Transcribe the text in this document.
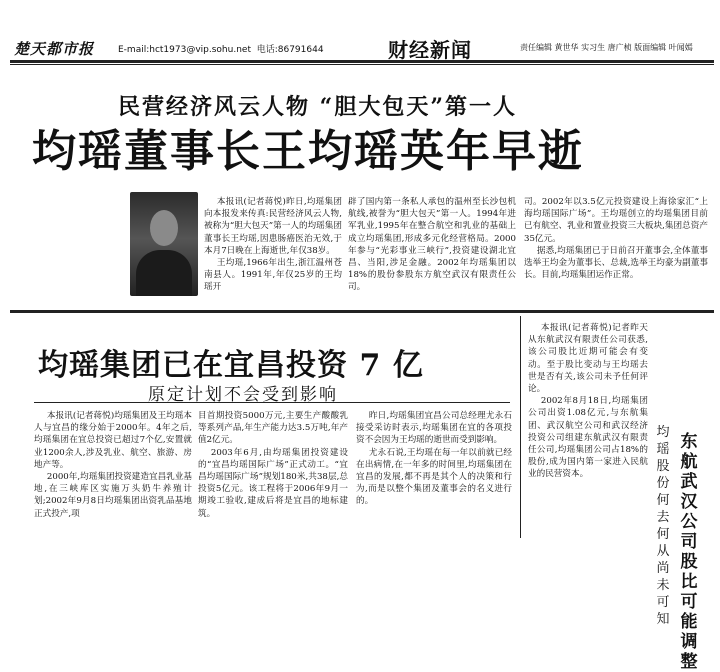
楚天都市报	E-mail:hct1973@vip.sohu.net 电话:86791644	财经新闻	责任编辑 黄世华 实习生 唐广桢 版面编辑 叶闻嫣
民营经济风云人物 “胆大包天”第一人
均瑶董事长王均瑶英年早逝

本报讯(记者蒋悦)昨日,均瑶集团向本报发来传真:民营经济风云人物,被称为“胆大包天”第一人的均瑶集团董事长王均瑶,因患肠癌医治无效,于本月7日晚在上海逝世,年仅38岁。

王均瑶,1966年出生,浙江温州苍南县人。1991年,年仅25岁的王均瑶开

辟了国内第一条私人承包的温州至长沙包机航线,被誉为“胆大包天”第一人。1994年进军乳业,1995年在整合航空和乳业的基础上成立均瑶集团,形成多元化经营格局。2000年参与“光彩事业三峡行”,投资建设湖北宜昌、当阳,涉足金融。2002年均瑶集团以18%的股份参股东方航空武汉有限责任公司。

司。2002年以3.5亿元投资建设上海徐家汇“上海均瑶国际广场”。王均瑶创立的均瑶集团目前已有航空、乳业和置业投资三大板块,集团总资产35亿元。

据悉,均瑶集团已于日前召开董事会,全体董事选举王均金为董事长、总裁,选举王均豪为副董事长。目前,均瑶集团运作正常。

均瑶集团已在宜昌投资 7 亿
原定计划不会受到影响

本报讯(记者蒋悦)均瑶集团及王均瑶本人与宜昌的缘分始于2000年。4年之后,均瑶集团在宜总投资已超过7个亿,安置就业1200余人,涉及乳业、航空、旅游、房地产等。

2000年,均瑶集团投资建造宜昌乳业基地,在三峡库区实施万头奶牛养殖计划;2002年9月8日均瑶集团出资乳品基地正式投产,项

目首期投资5000万元,主要生产酸酸乳等系列产品,年生产能力达3.5万吨,年产值2亿元。

2003年6月,由均瑶集团投资建设的“宜昌均瑶国际广场”正式动工。“宜昌均瑶国际广场”规划180米,共38层,总投资5亿元。该工程将于2006年9月一期竣工验收,建成后将是宜昌的地标建筑。

昨日,均瑶集团宜昌公司总经理尤永石接受采访时表示,均瑶集团在宜的各项投资不会因为王均瑶的逝世而受到影响。

尤永石说,王均瑶在每一年以前就已经在出病情,在一年多的时间里,均瑶集团在宜昌的发展,都不再是其个人的决策和行为,而是以整个集团及董事会的名义进行的。

本报讯(记者蒋悦)记者昨天从东航武汉有限责任公司获悉,该公司股比近期可能会有变动。至于股比变动与王均瑶去世是否有关,该公司未予任何评论。

2002年8月18日,均瑶集团公司出资1.08亿元,与东航集团、武汉航空公司和武汉经济投资公司组建东航武汉有限责任公司,均瑶集团公司占18%的股份,成为国内第一家进入民航业的民营资本。

均
瑶
股
份
何
去
何
从
尚
未
可
知
东
航
武
汉
公
司
股
比
可
能
调
整
